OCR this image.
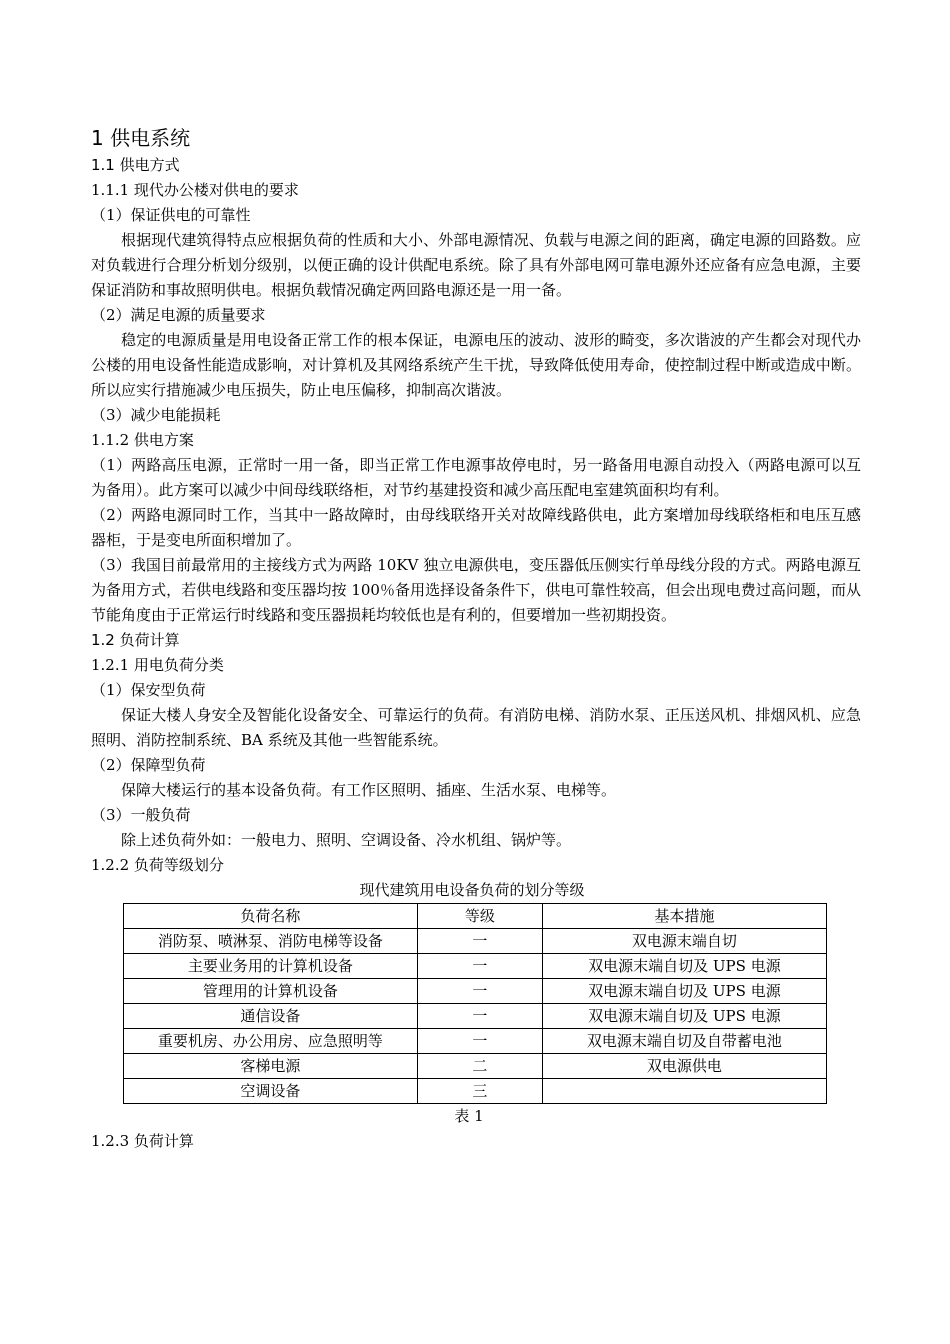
1 供电系统

1.1 供电方式

1.1.1 现代办公楼对供电的要求

（1）保证供电的可靠性

根据现代建筑得特点应根据负荷的性质和大小、外部电源情况、负载与电源之间的距离，确定电源的回路数。应对负载进行合理分析划分级别，以便正确的设计供配电系统。除了具有外部电网可靠电源外还应备有应急电源，主要保证消防和事故照明供电。根据负载情况确定两回路电源还是一用一备。

（2）满足电源的质量要求

稳定的电源质量是用电设备正常工作的根本保证，电源电压的波动、波形的畸变，多次谐波的产生都会对现代办公楼的用电设备性能造成影响，对计算机及其网络系统产生干扰，导致降低使用寿命，使控制过程中断或造成中断。所以应实行措施减少电压损失，防止电压偏移，抑制高次谐波。

（3）减少电能损耗

1.1.2 供电方案

（1）两路高压电源，正常时一用一备，即当正常工作电源事故停电时，另一路备用电源自动投入（两路电源可以互为备用）。此方案可以减少中间母线联络柜，对节约基建投资和减少高压配电室建筑面积均有利。

（2）两路电源同时工作，当其中一路故障时，由母线联络开关对故障线路供电，此方案增加母线联络柜和电压互感器柜，于是变电所面积增加了。

（3）我国目前最常用的主接线方式为两路 10KV 独立电源供电，变压器低压侧实行单母线分段的方式。两路电源互为备用方式，若供电线路和变压器均按 100％备用选择设备条件下，供电可靠性较高，但会出现电费过高问题，而从节能角度由于正常运行时线路和变压器损耗均较低也是有利的，但要增加一些初期投资。

1.2 负荷计算

1.2.1 用电负荷分类

（1）保安型负荷

保证大楼人身安全及智能化设备安全、可靠运行的负荷。有消防电梯、消防水泵、正压送风机、排烟风机、应急照明、消防控制系统、BA 系统及其他一些智能系统。

（2）保障型负荷

保障大楼运行的基本设备负荷。有工作区照明、插座、生活水泵、电梯等。

（3）一般负荷

除上述负荷外如：一般电力、照明、空调设备、冷水机组、锅炉等。

1.2.2 负荷等级划分

现代建筑用电设备负荷的划分等级

负荷名称	等级	基本措施
消防泵、喷淋泵、消防电梯等设备	一	双电源末端自切
主要业务用的计算机设备	一	双电源末端自切及 UPS 电源
管理用的计算机设备	一	双电源末端自切及 UPS 电源
通信设备	一	双电源末端自切及 UPS 电源
重要机房、办公用房、应急照明等	一	双电源末端自切及自带蓄电池
客梯电源	二	双电源供电
空调设备	三	

表 1

1.2.3 负荷计算
